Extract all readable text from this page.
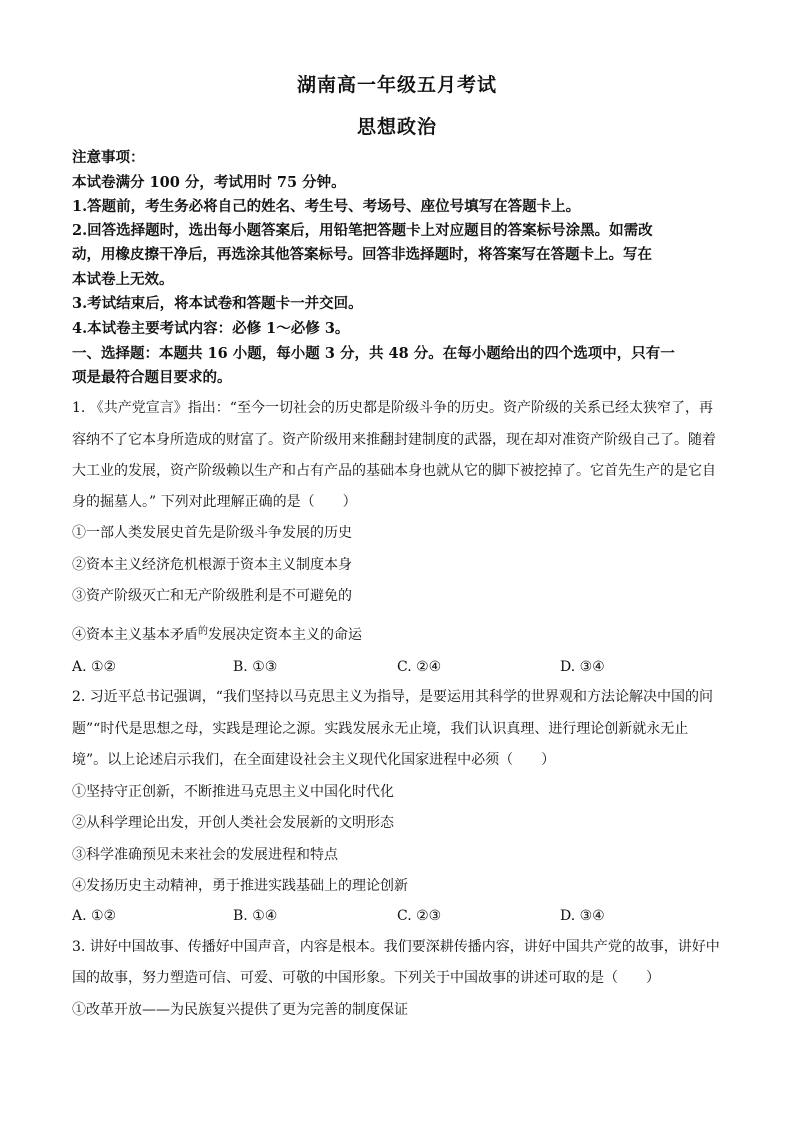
湖南高一年级五月考试
思想政治
注意事项：
本试卷满分 100 分，考试用时 75 分钟。
1.答题前，考生务必将自己的姓名、考生号、考场号、座位号填写在答题卡上。
2.回答选择题时，选出每小题答案后，用铅笔把答题卡上对应题目的答案标号涂黑。如需改
动，用橡皮擦干净后，再选涂其他答案标号。回答非选择题时，将答案写在答题卡上。写在
本试卷上无效。
3.考试结束后，将本试卷和答题卡一并交回。
4.本试卷主要考试内容：必修 1～必修 3。
一、选择题：本题共 16 小题，每小题 3 分，共 48 分。在每小题给出的四个选项中，只有一
项是最符合题目要求的。
1. 《共产党宣言》指出：“至今一切社会的历史都是阶级斗争的历史。资产阶级的关系已经太狭窄了，再
容纳不了它本身所造成的财富了。资产阶级用来推翻封建制度的武器，现在却对准资产阶级自己了。随着
大工业的发展，资产阶级赖以生产和占有产品的基础本身也就从它的脚下被挖掉了。它首先生产的是它自
身的掘墓人。” 下列对此理解正确的是（　　）
①一部人类发展史首先是阶级斗争发展的历史
②资本主义经济危机根源于资本主义制度本身
③资产阶级灭亡和无产阶级胜利是不可避免的
④资本主义基本矛盾$^的$发展决定资本主义的命运
A. ①②	B. ①③	C. ②④	D. ③④
2. 习近平总书记强调，“我们坚持以马克思主义为指导，是要运用其科学的世界观和方法论解决中国的问
题”“时代是思想之母，实践是理论之源。实践发展永无止境，我们认识真理、进行理论创新就永无止
境”。以上论述启示我们，在全面建设社会主义现代化国家进程中必须（　　）
①坚持守正创新，不断推进马克思主义中国化时代化
②从科学理论出发，开创人类社会发展新的文明形态
③科学准确预见未来社会的发展进程和特点
④发扬历史主动精神，勇于推进实践基础上的理论创新
A. ①②	B. ①④	C. ②③	D. ③④
3. 讲好中国故事、传播好中国声音，内容是根本。我们要深耕传播内容，讲好中国共产党的故事，讲好中
国的故事，努力塑造可信、可爱、可敬的中国形象。下列关于中国故事的讲述可取的是（　　）
①改革开放——为民族复兴提供了更为完善的制度保证
